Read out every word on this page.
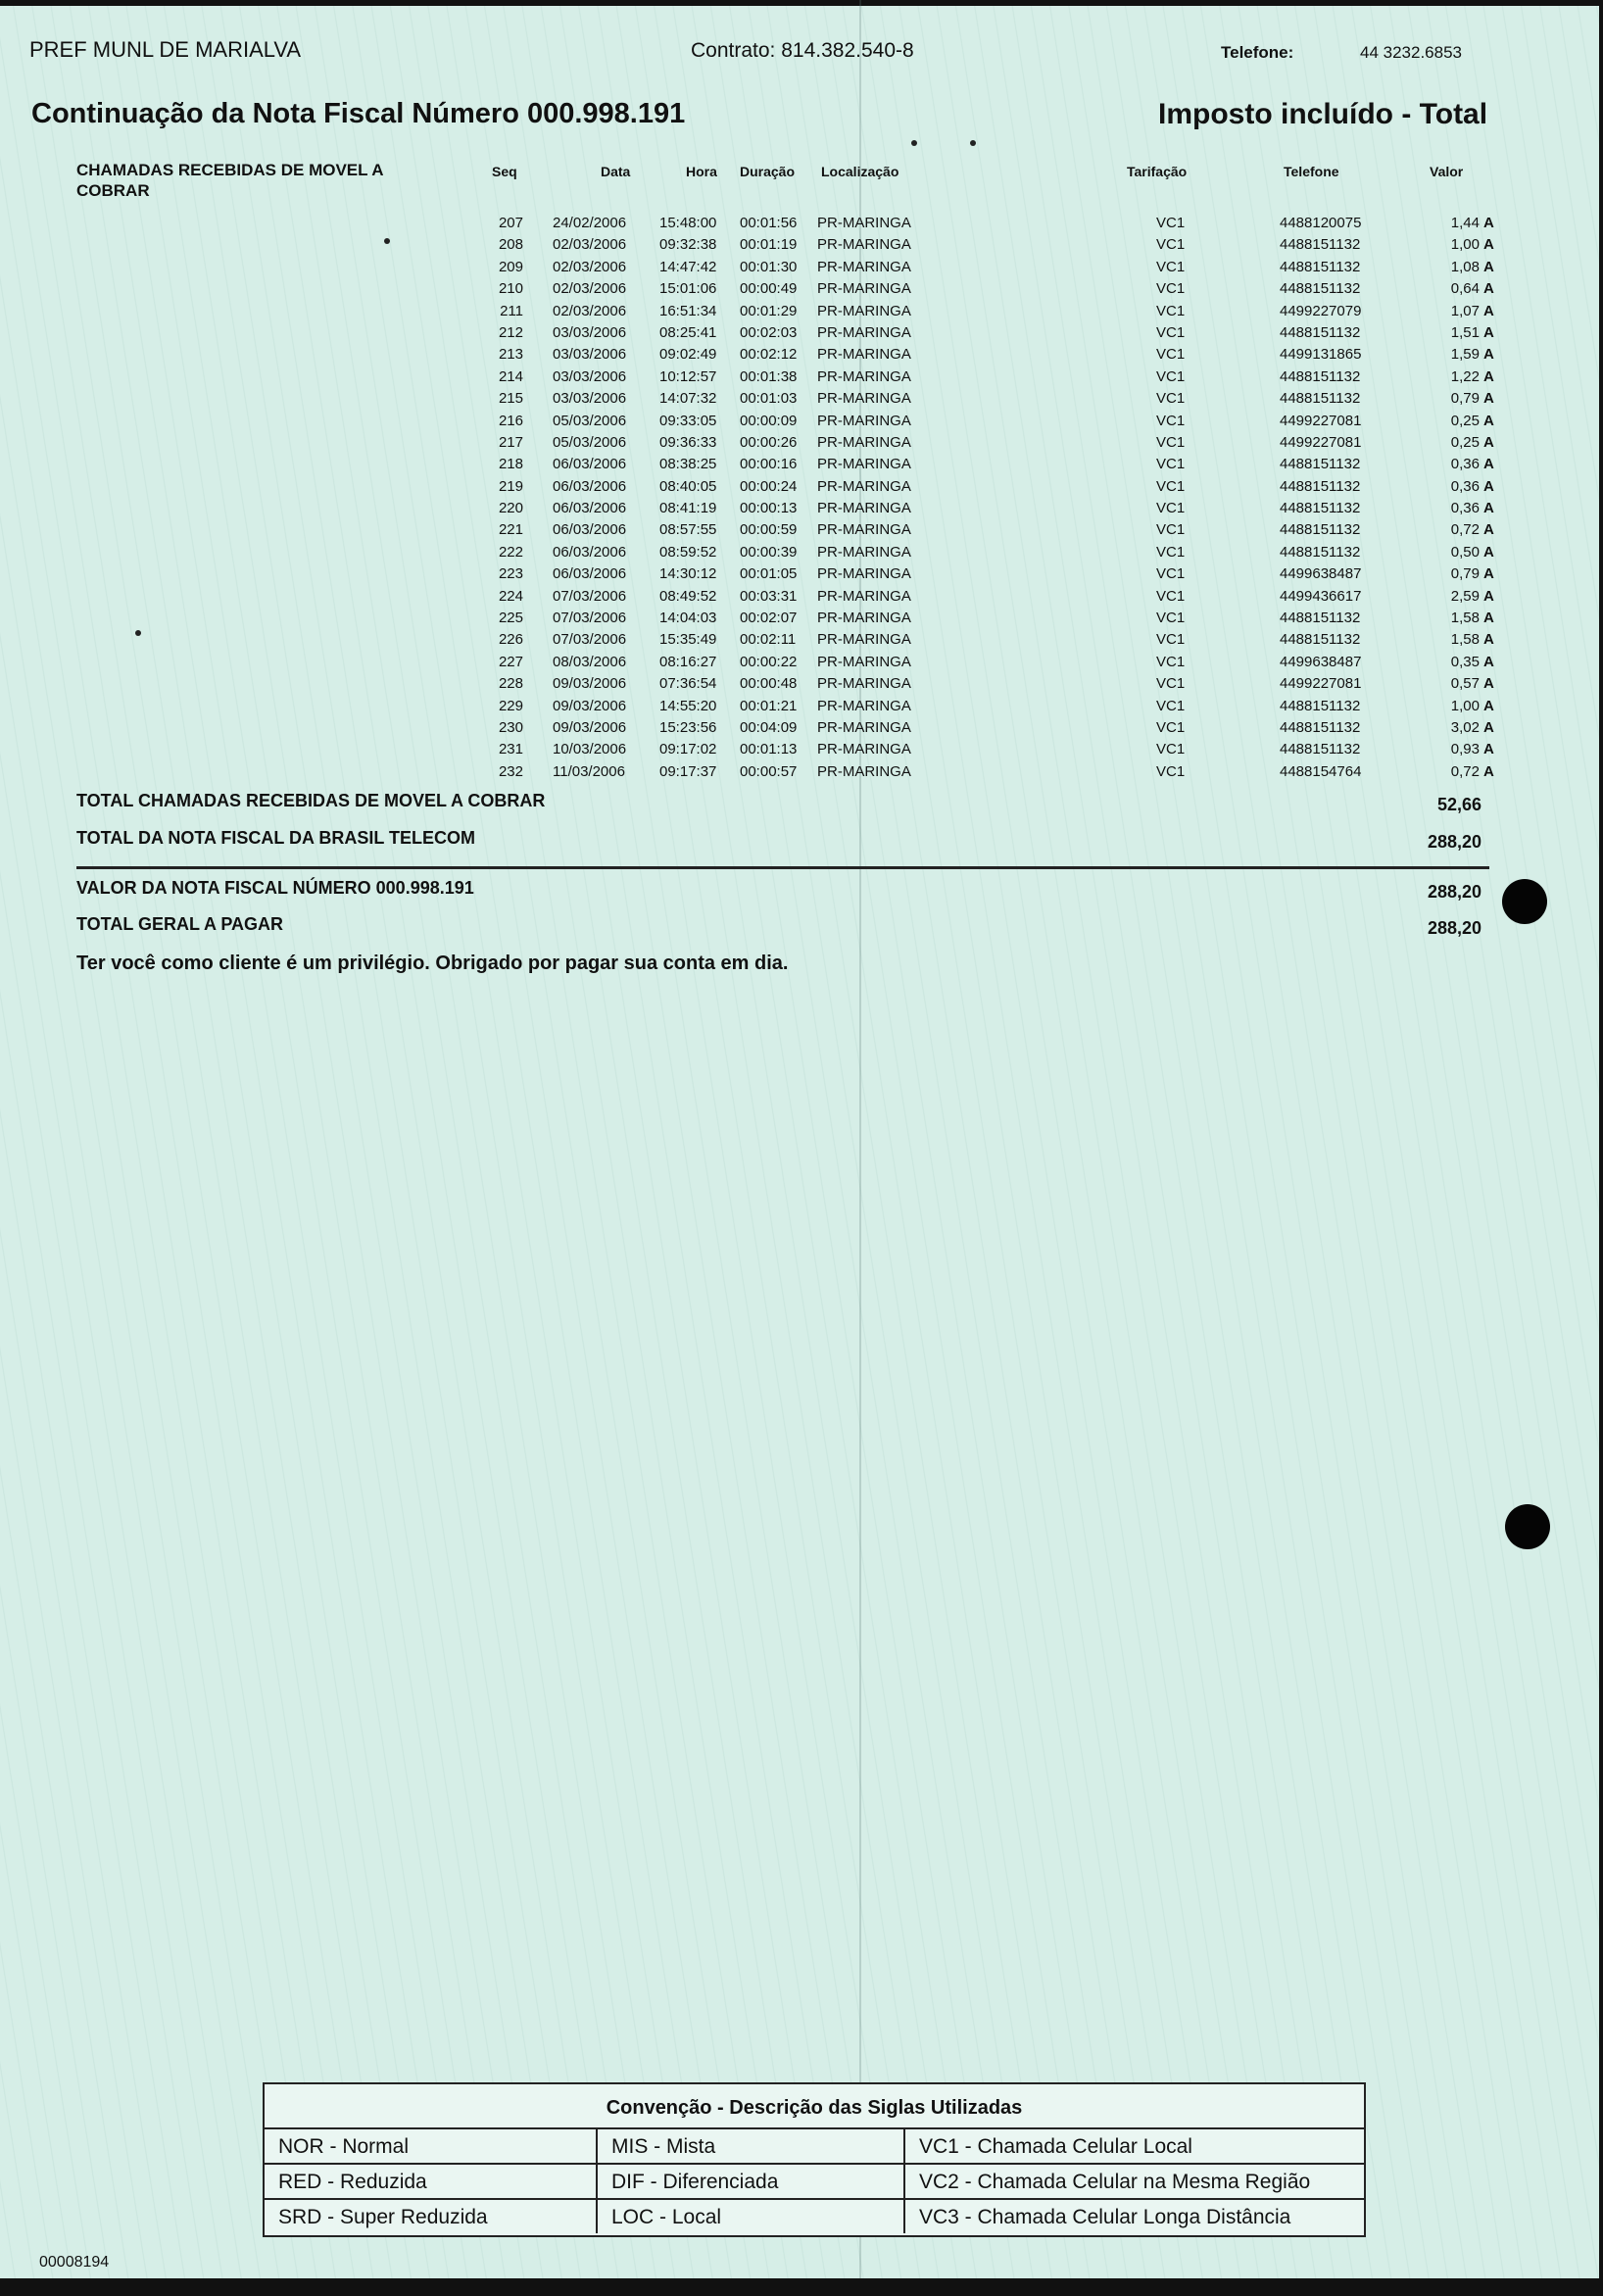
PREF MUNL DE MARIALVA	Contrato: 814.382.540-8	Telefone:	44 3232.6853
Continuação da Nota Fiscal Número 000.998.191	Imposto incluído - Total
CHAMADAS RECEBIDAS DE MOVEL A COBRAR
Seq	Data	Hora Duração Localização	Tarifação	Telefone	Valor
207 24/02/2006 15:48:00 00:01:56 PR-MARINGA	VC1	4488120075	1,44 A
208 02/03/2006 09:32:38 00:01:19 PR-MARINGA	VC1	4488151132	1,00 A
209 02/03/2006 14:47:42 00:01:30 PR-MARINGA	VC1	4488151132	1,08 A
210 02/03/2006 15:01:06 00:00:49 PR-MARINGA	VC1	4488151132	0,64 A
211 02/03/2006 16:51:34 00:01:29 PR-MARINGA	VC1	4499227079	1,07 A
212 03/03/2006 08:25:41 00:02:03 PR-MARINGA	VC1	4488151132	1,51 A
213 03/03/2006 09:02:49 00:02:12 PR-MARINGA	VC1	4499131865	1,59 A
214 03/03/2006 10:12:57 00:01:38 PR-MARINGA	VC1	4488151132	1,22 A
215 03/03/2006 14:07:32 00:01:03 PR-MARINGA	VC1	4488151132	0,79 A
216 05/03/2006 09:33:05 00:00:09 PR-MARINGA	VC1	4499227081	0,25 A
217 05/03/2006 09:36:33 00:00:26 PR-MARINGA	VC1	4499227081	0,25 A
218 06/03/2006 08:38:25 00:00:16 PR-MARINGA	VC1	4488151132	0,36 A
219 06/03/2006 08:40:05 00:00:24 PR-MARINGA	VC1	4488151132	0,36 A
220 06/03/2006 08:41:19 00:00:13 PR-MARINGA	VC1	4488151132	0,36 A
221 06/03/2006 08:57:55 00:00:59 PR-MARINGA	VC1	4488151132	0,72 A
222 06/03/2006 08:59:52 00:00:39 PR-MARINGA	VC1	4488151132	0,50 A
223 06/03/2006 14:30:12 00:01:05 PR-MARINGA	VC1	4499638487	0,79 A
224 07/03/2006 08:49:52 00:03:31 PR-MARINGA	VC1	4499436617	2,59 A
225 07/03/2006 14:04:03 00:02:07 PR-MARINGA	VC1	4488151132	1,58 A
226 07/03/2006 15:35:49 00:02:11 PR-MARINGA	VC1	4488151132	1,58 A
227 08/03/2006 08:16:27 00:00:22 PR-MARINGA	VC1	4499638487	0,35 A
228 09/03/2006 07:36:54 00:00:48 PR-MARINGA	VC1	4499227081	0,57 A
229 09/03/2006 14:55:20 00:01:21 PR-MARINGA	VC1	4488151132	1,00 A
230 09/03/2006 15:23:56 00:04:09 PR-MARINGA	VC1	4488151132	3,02 A
231 10/03/2006 09:17:02 00:01:13 PR-MARINGA	VC1	4488151132	0,93 A
232 11/03/2006 09:17:37 00:00:57 PR-MARINGA	VC1	4488154764	0,72 A
TOTAL CHAMADAS RECEBIDAS DE MOVEL A COBRAR	52,66
TOTAL DA NOTA FISCAL DA BRASIL TELECOM	288,20
VALOR DA NOTA FISCAL NÚMERO 000.998.191	288,20
TOTAL GERAL A PAGAR	288,20
Ter você como cliente é um privilégio. Obrigado por pagar sua conta em dia.
Convenção - Descrição das Siglas Utilizadas
NOR - Normal	MIS - Mista	VC1 - Chamada Celular Local
RED - Reduzida	DIF - Diferenciada	VC2 - Chamada Celular na Mesma Região
SRD - Super Reduzida	LOC - Local	VC3 - Chamada Celular Longa Distância
00008194
